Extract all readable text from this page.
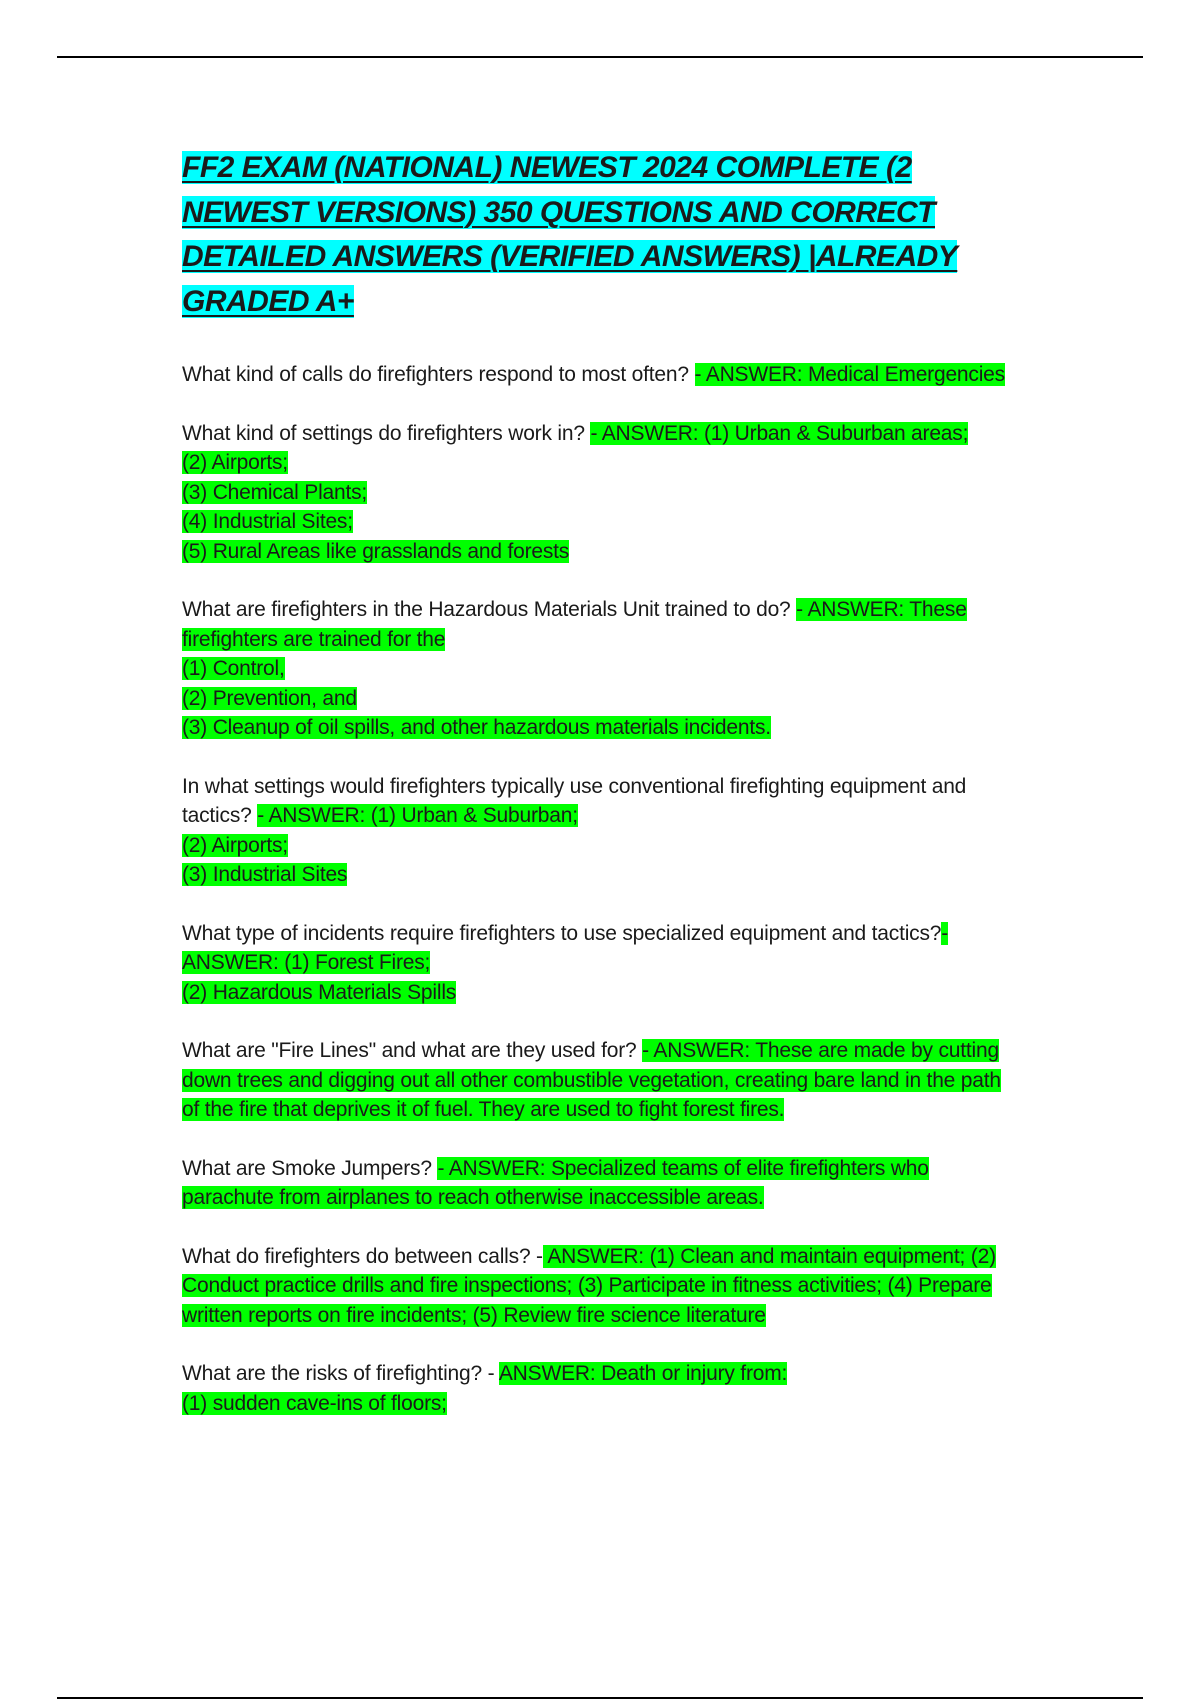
FF2 EXAM (NATIONAL) NEWEST 2024 COMPLETE (2 NEWEST VERSIONS) 350 QUESTIONS AND CORRECT DETAILED ANSWERS (VERIFIED ANSWERS) |ALREADY GRADED A+

What kind of calls do firefighters respond to most often? - ANSWER: Medical Emergencies

What kind of settings do firefighters work in? - ANSWER: (1) Urban & Suburban areas;
(2) Airports;
(3) Chemical Plants;
(4) Industrial Sites;
(5) Rural Areas like grasslands and forests

What are firefighters in the Hazardous Materials Unit trained to do? - ANSWER: These firefighters are trained for the
(1) Control,
(2) Prevention, and
(3) Cleanup of oil spills, and other hazardous materials incidents.

In what settings would firefighters typically use conventional firefighting equipment and tactics? - ANSWER: (1) Urban & Suburban;
(2) Airports;
(3) Industrial Sites

What type of incidents require firefighters to use specialized equipment and tactics?- ANSWER: (1) Forest Fires;
(2) Hazardous Materials Spills

What are "Fire Lines" and what are they used for? - ANSWER: These are made by cutting down trees and digging out all other combustible vegetation, creating bare land in the path of the fire that deprives it of fuel. They are used to fight forest fires.

What are Smoke Jumpers? - ANSWER: Specialized teams of elite firefighters who parachute from airplanes to reach otherwise inaccessible areas.

What do firefighters do between calls? - ANSWER: (1) Clean and maintain equipment; (2) Conduct practice drills and fire inspections; (3) Participate in fitness activities; (4) Prepare written reports on fire incidents; (5) Review fire science literature

What are the risks of firefighting? - ANSWER: Death or injury from:
(1) sudden cave-ins of floors;
